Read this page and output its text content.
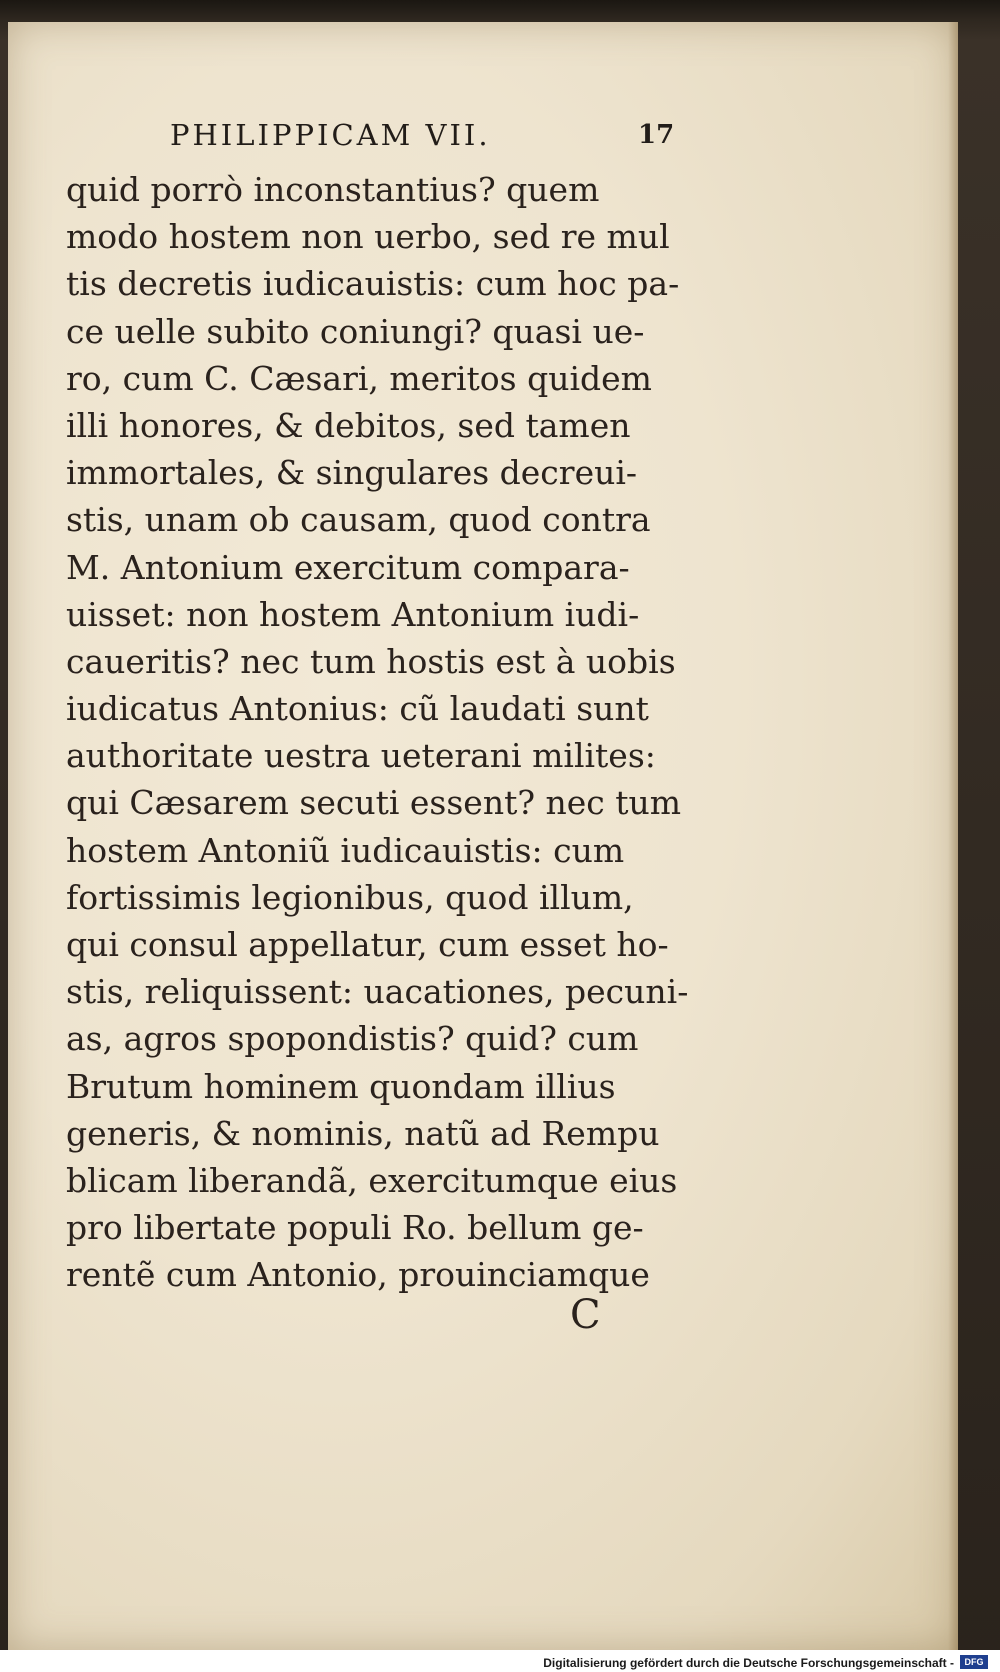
PHILIPPICAM VII.	17
quid porrò inconstantius? quem
modo hostem non uerbo, sed re mul
tis decretis iudicauistis: cum hoc pa-
ce uelle subito coniungi? quasi ue-
ro, cum C. Cæsari, meritos quidem
illi honores, & debitos, sed tamen
immortales, & singulares decreui-
stis, unam ob causam, quod contra
M. Antonium exercitum compara-
uisset: non hostem Antonium iudi-
caueritis? nec tum hostis est à uobis
iudicatus Antonius: cũ laudati sunt
authoritate uestra ueterani milites:
qui Cæsarem secuti essent? nec tum
hostem Antoniũ iudicauistis: cum
fortissimis legionibus, quod illum,
qui consul appellatur, cum esset ho-
stis, reliquissent: uacationes, pecuni-
as, agros spopondistis? quid? cum
Brutum hominem quondam illius
generis, & nominis, natũ ad Rempu
blicam liberandã, exercitumque eius
pro libertate populi Ro. bellum ge-
rentẽ cum Antonio, prouinciamque
C
Digitalisierung gefördert durch die Deutsche Forschungsgemeinschaft -	DFG
